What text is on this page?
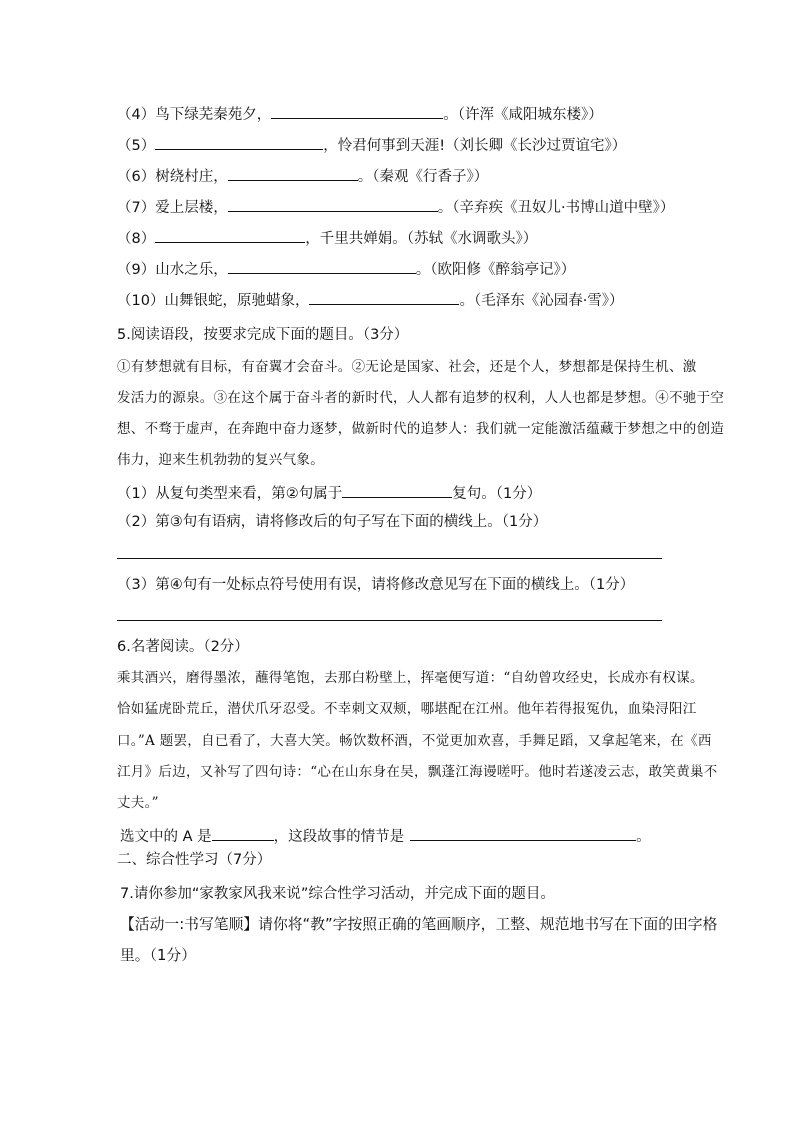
（4）鸟下绿芜秦苑夕，	。（许浑《咸阳城东楼》）
（5）	，怜君何事到天涯!（刘长卿《长沙过贾谊宅》）
（6）树绕村庄，	。（秦观《行香子》）
（7）爱上层楼，	。（辛弃疾《丑奴儿·书博山道中壁》）
（8）	，千里共婵娟。（苏轼《水调歌头》）
（9）山水之乐，	。（欧阳修《醉翁亭记》）
（10）山舞银蛇，原驰蜡象，	。（毛泽东《沁园春·雪》）
5.阅读语段，按要求完成下面的题目。（3分）
①有梦想就有目标，有奋翼才会奋斗。②无论是国家、社会，还是个人，梦想都是保持生机、激
发活力的源泉。③在这个属于奋斗者的新时代，人人都有追梦的权利，人人也都是梦想。④不驰于空
想、不骛于虚声，在奔跑中奋力逐梦，做新时代的追梦人：我们就一定能激活蕴藏于梦想之中的创造
伟力，迎来生机勃勃的复兴气象。
（1）从复句类型来看，第②句属于	复句。（1分）
（2）第③句有语病，请将修改后的句子写在下面的横线上。（1分）
（3）第④句有一处标点符号使用有误，请将修改意见写在下面的横线上。（1分）
6.名著阅读。（2分）
乘其酒兴，磨得墨浓，蘸得笔饱，去那白粉壁上，挥毫便写道：“自幼曾攻经史，长成亦有权谋。
恰如猛虎卧荒丘，潜伏爪牙忍受。不幸刺文双颊，哪堪配在江州。他年若得报冤仇，血染浔阳江
口。”A 题罢，自已看了，大喜大笑。畅饮数杯酒，不觉更加欢喜，手舞足蹈，又拿起笔来，在《西
江月》后边，又补写了四句诗：“心在山东身在吴，飘蓬江海谩嗟吁。他时若遂凌云志，敢笑黄巢不
丈夫。”
选文中的 A 是	，这段故事的情节是	。
二、综合性学习（7分）
7.请你参加“家教家风我来说”综合性学习活动，并完成下面的题目。
【活动一:书写笔顺】请你将“教”字按照正确的笔画顺序，工整、规范地书写在下面的田字格
里。（1分）
